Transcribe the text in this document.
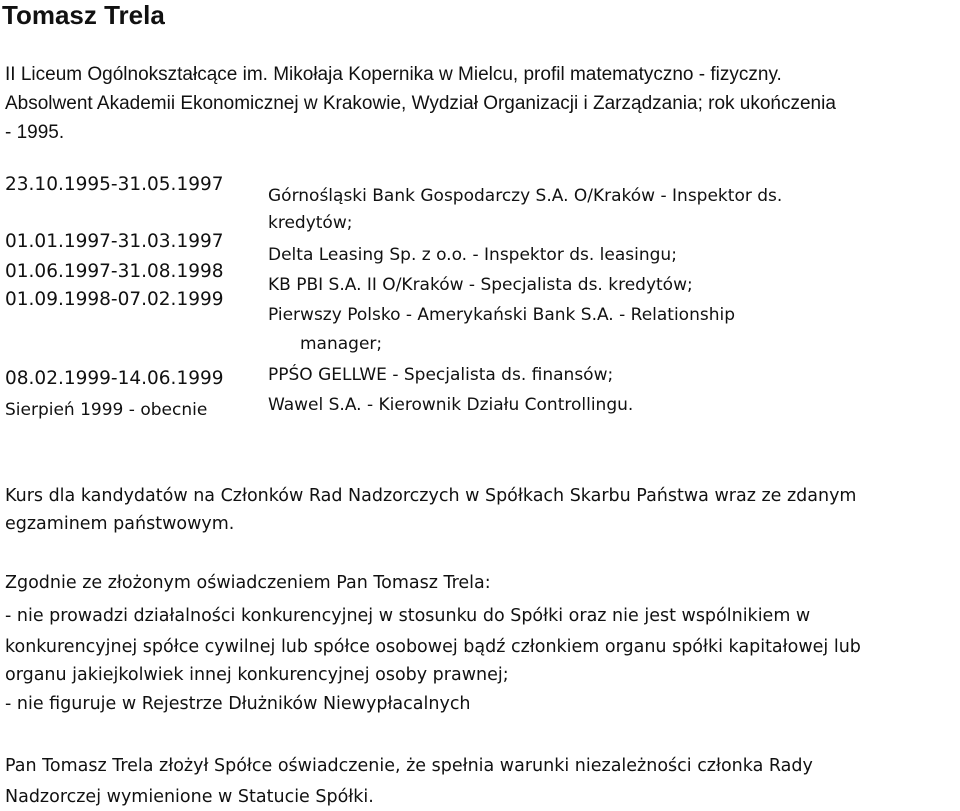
Tomasz Trela
II Liceum Ogólnokształcące im. Mikołaja Kopernika w Mielcu, profil matematyczno - fizyczny.
Absolwent Akademii Ekonomicznej w Krakowie, Wydział Organizacji i Zarządzania; rok ukończenia
- 1995.
23.10.1995-31.05.1997
01.01.1997-31.03.1997
01.06.1997-31.08.1998
01.09.1998-07.02.1999
08.02.1999-14.06.1999
Sierpień 1999 - obecnie
Górnośląski Bank Gospodarczy S.A. O/Kraków - Inspektor ds.
kredytów;
Delta Leasing Sp. z o.o. - Inspektor ds. leasingu;
KB PBI S.A. II O/Kraków - Specjalista ds. kredytów;
Pierwszy Polsko - Amerykański Bank S.A. - Relationship
manager;
PPŚO GELLWE - Specjalista ds. finansów;
Wawel S.A. - Kierownik Działu Controllingu.
Kurs dla kandydatów na Członków Rad Nadzorczych w Spółkach Skarbu Państwa wraz ze zdanym
egzaminem państwowym.
Zgodnie ze złożonym oświadczeniem Pan Tomasz Trela:
- nie prowadzi działalności konkurencyjnej w stosunku do Spółki oraz nie jest wspólnikiem w
konkurencyjnej spółce cywilnej lub spółce osobowej bądź członkiem organu spółki kapitałowej lub
organu jakiejkolwiek innej konkurencyjnej osoby prawnej;
- nie figuruje w Rejestrze Dłużników Niewypłacalnych
Pan Tomasz Trela złożył Spółce oświadczenie, że spełnia warunki niezależności członka Rady
Nadzorczej wymienione w Statucie Spółki.
